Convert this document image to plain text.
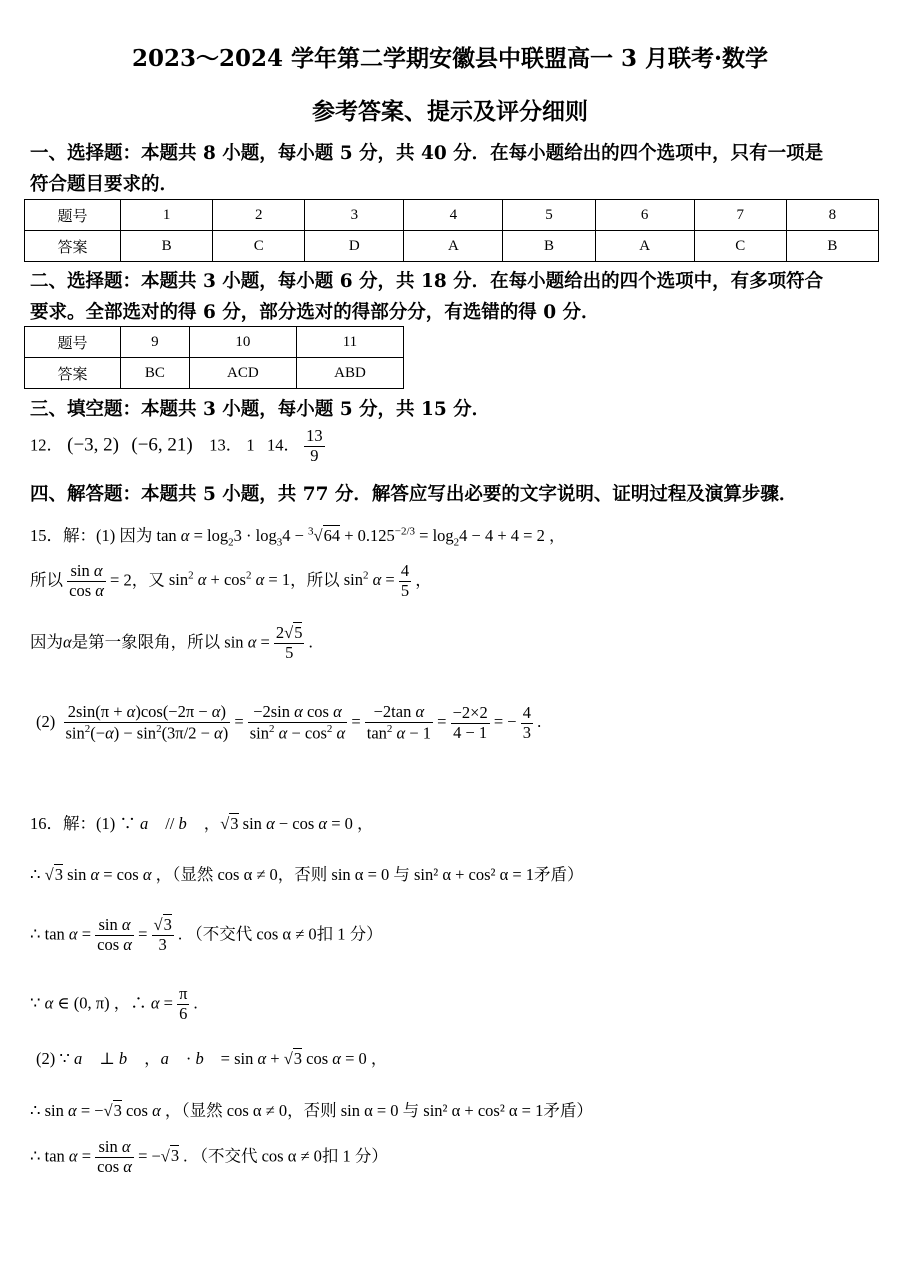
2023～2024 学年第二学期安徽县中联盟高一 3 月联考·数学
参考答案、提示及评分细则
一、选择题：本题共 8 小题，每小题 5 分，共 40 分．在每小题给出的四个选项中，只有一项是
符合题目要求的．
题号	1	2	3	4	5	6	7	8
答案	B	C	D	A	B	A	C	B
二、选择题：本题共 3 小题，每小题 6 分，共 18 分．在每小题给出的四个选项中，有多项符合
要求。全部选对的得 6 分，部分选对的得部分分，有选错的得 0 分．
题号	9	10	11
答案	BC	ACD	ABD
三、填空题：本题共 3 小题，每小题 5 分，共 15 分．
12． (−3, 2) (−6, 21) 13． 1 14． $\frac{13}{9}$
四、解答题：本题共 5 小题，共 77 分．解答应写出必要的文字说明、证明过程及演算步骤．
15．解：(1) 因为 $\tan \alpha = \log_23 \cdot \log_34 - ^3√64 + 0.125^{-2/3} = \log_24 - 4 + 4 = 2$ ，
所以 $\frac{\text{sin α}}{\text{cos α}} = 2$，又 $\sin^2 \alpha + \cos^2 \alpha = 1$，所以 $\sin^2 \alpha = \frac{4}{5}$ ，
因为α是第一象限角，所以 $\sin \alpha = \frac{2√5}{5}$ .
$(2) \frac{2\sin(\pi + \alpha)\cos(-2\pi - \alpha)}{\sin^2(-\alpha) - \sin^2(3\pi/2 - \alpha)} = \frac{\text{−2sin α cos α}}{\sin^2 \alpha - \cos^2 \alpha} = \frac{\text{−2tan α}}{\tan^2 \alpha - 1} = \frac{-2\times 2}{4 - 1}$ = − $\frac{4}{3}$ .
16．解：(1) ∵ a⃗ // b⃗ ，√3 sin α − cos α = 0 ，
∴ √3 sin α = cos α ，（显然 cos α ≠ 0，否则 sin α = 0 与 sin² α + cos² α = 1矛盾）
∴ $\tan \alpha = \frac{\text{sin α}}{\text{cos α}} = \frac{√3}{3}$ . （不交代 cos α ≠ 0扣 1 分）
∵ α ∈ (0, π) ，∴ $\alpha = \frac{\pi}{6}$ .
(2) ∵ a⃗ ⊥ b⃗ ，a⃗ · b⃗ = sin α + √3 cos α = 0 ，
∴ sin α = −√3 cos α ，（显然 cos α ≠ 0，否则 sin α = 0 与 sin² α + cos² α = 1矛盾）
∴ $\tan \alpha = \frac{\text{sin α}}{\text{cos α}} = -√3$ . （不交代 cos α ≠ 0扣 1 分）
